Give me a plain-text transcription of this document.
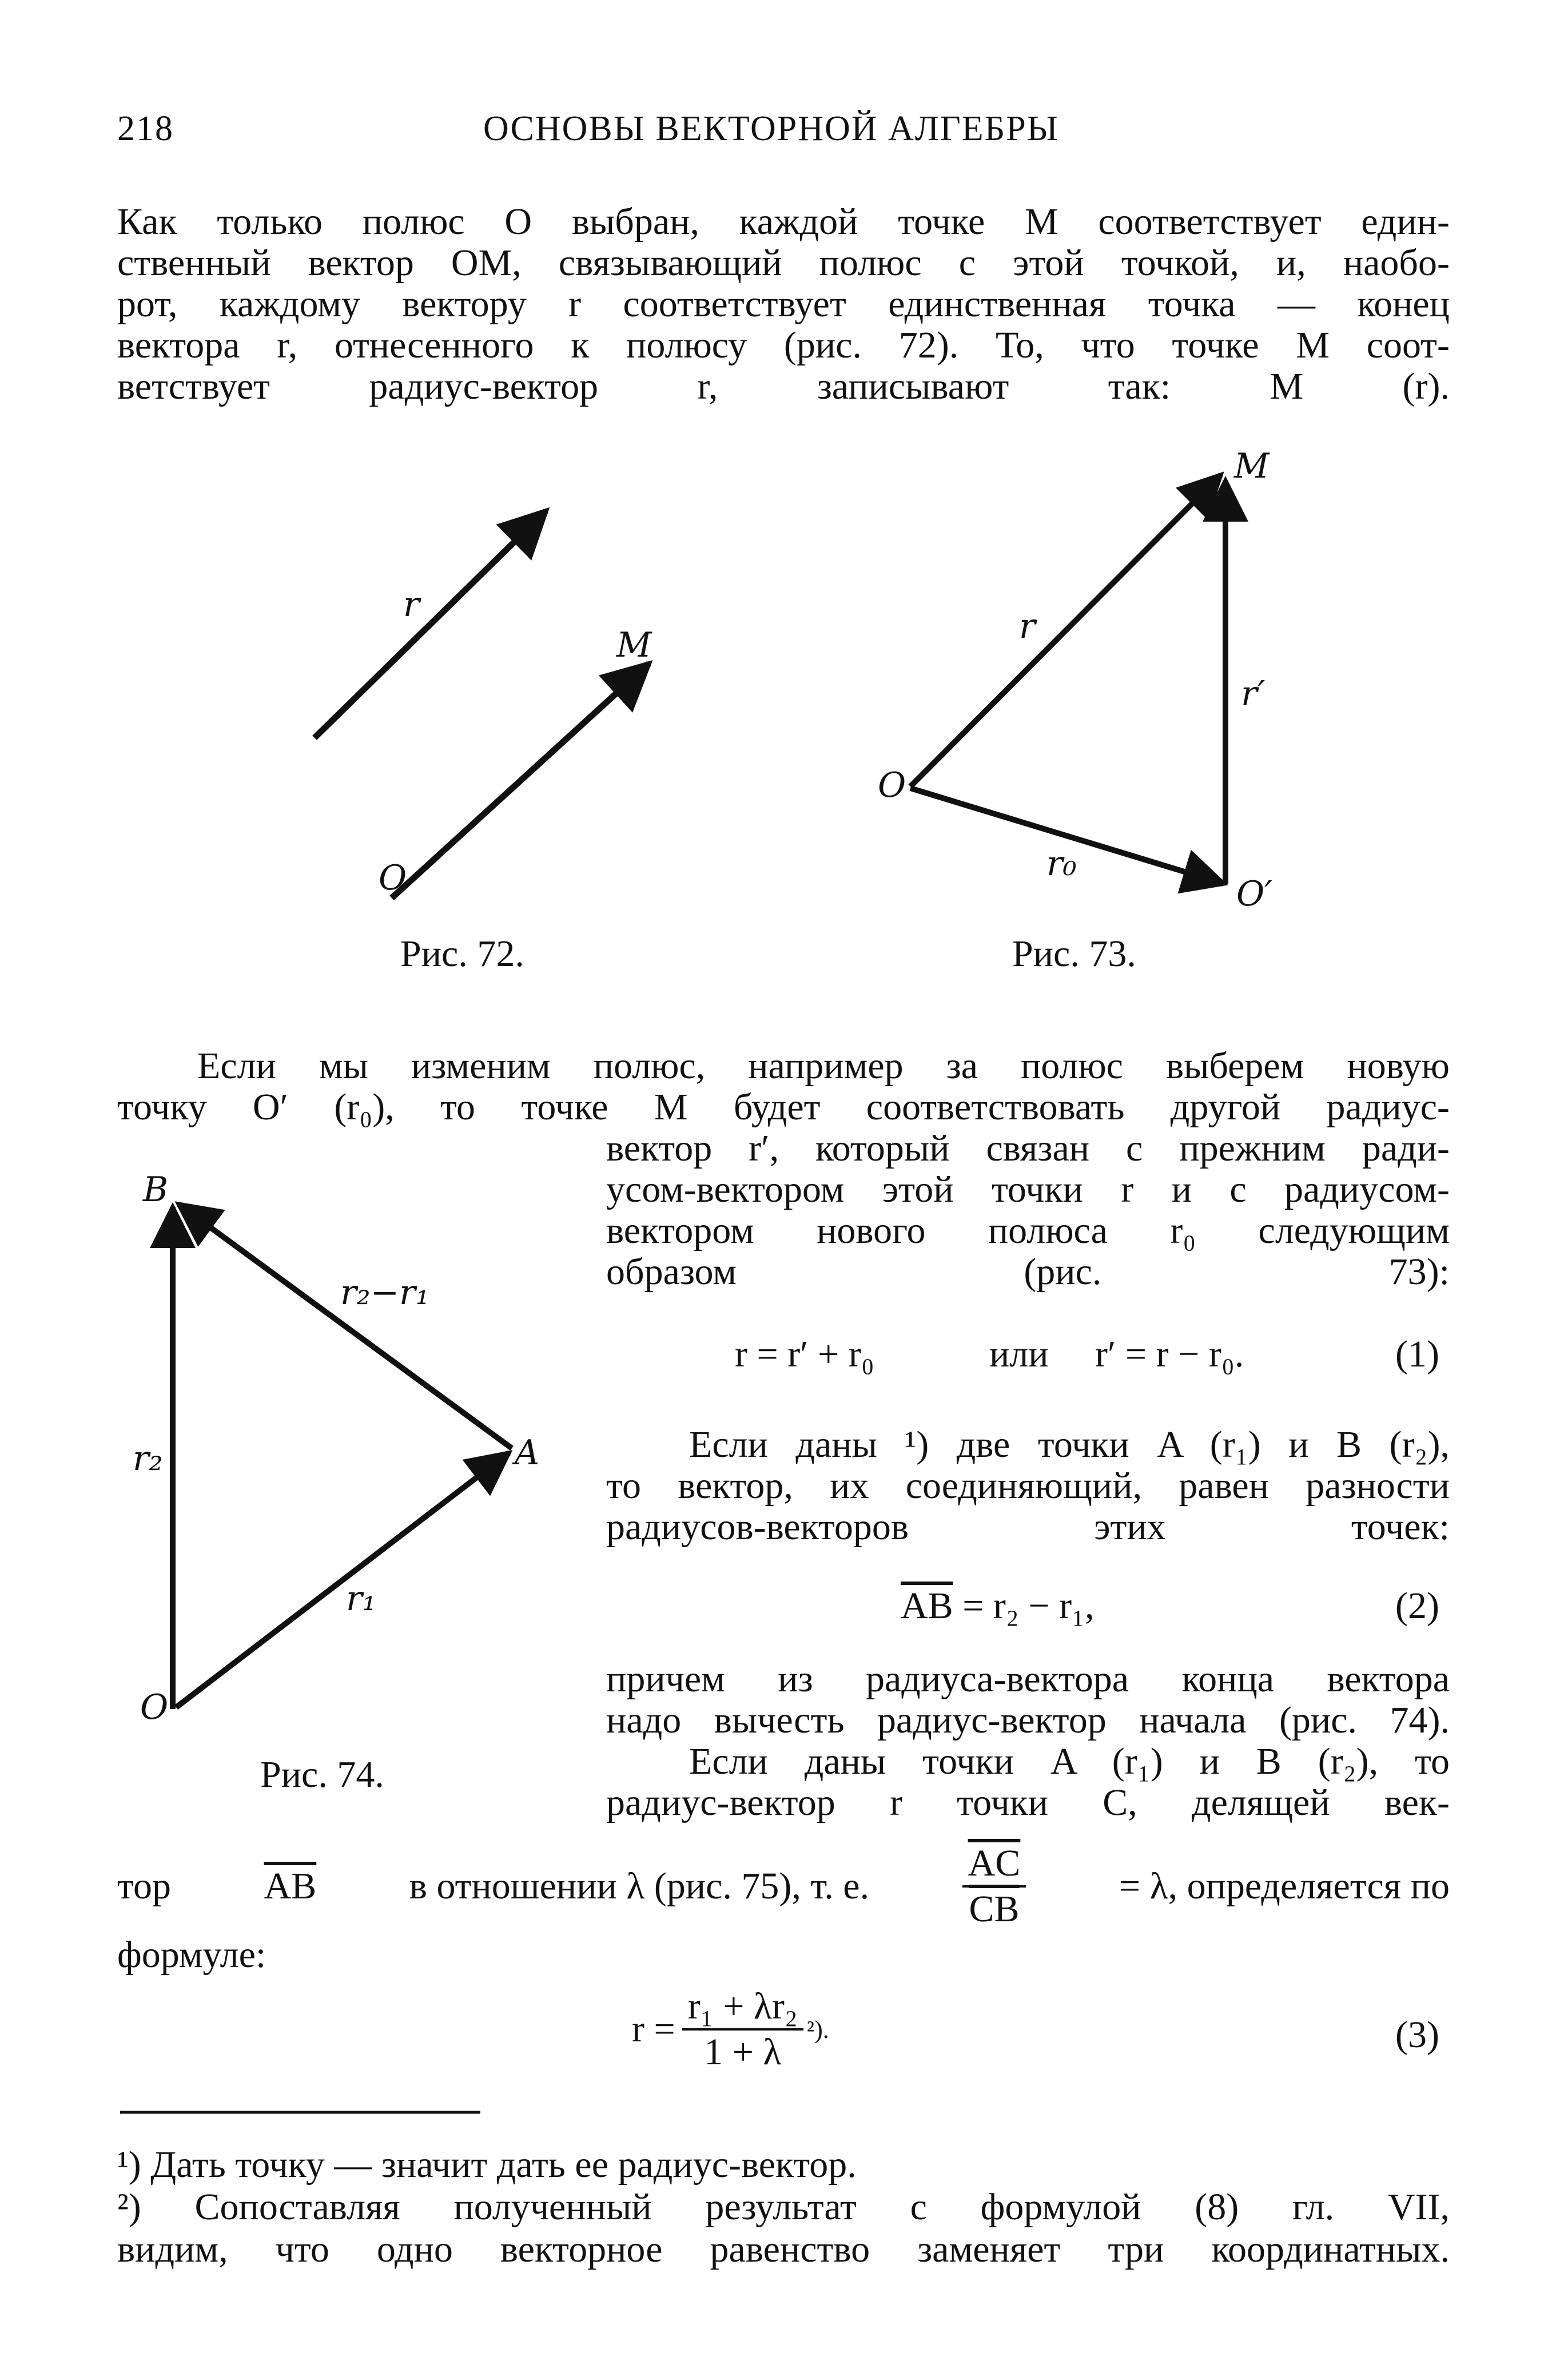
218	ОСНОВЫ ВЕКТОРНОЙ АЛГЕБРЫ
Как только полюс O выбран, каждой точке M соответствует един-
ственный вектор OM, связывающий полюс с этой точкой, и, наобо-
рот, каждому вектору r соответствует единственная точка — конец
вектора r, отнесенного к полюсу (рис. 72). То, что точке M соот-
ветствует радиус-вектор r, записывают так: M (r).
r
M
O
Рис. 72.
M
r
r′
O
r₀
O′
Рис. 73.
B
r₂−r₁
r₂	A
r₁
O
Рис. 74.
Если мы изменим полюс, например за полюс выберем новую
точку O′ (r₀), то точке M будет соответствовать другой радиус-
вектор r′, который связан с прежним ради-
усом-вектором этой точки r и с радиусом-
вектором нового полюса r₀ следующим
образом (рис. 73):
r = r′ + r₀	или r′ = r − r₀.	(1)
Если даны ¹) две точки A (r₁) и B (r₂),
то вектор, их соединяющий, равен разности
радиусов-векторов этих точек:
$\overline{AB} = r_2 - r_1$,	(2)
причем из радиуса-вектора конца вектора
надо вычесть радиус-вектор начала (рис. 74).
Если даны точки A (r₁) и B (r₂), то
радиус-вектор r точки C, делящей век-
тор $\overline{AB}$ в отношении λ (рис. 75), т. е. $\frac{\overline{AC}}{CB} = \lambda$, определяется по
формуле:
$r = \frac{\text{r₁ + λr₂}}{1 + \lambda} ^2$).	(3)
¹) Дать точку — значит дать ее радиус-вектор.
²) Сопоставляя полученный результат с формулой (8) гл. VII,
видим, что одно векторное равенство заменяет три координатных.
